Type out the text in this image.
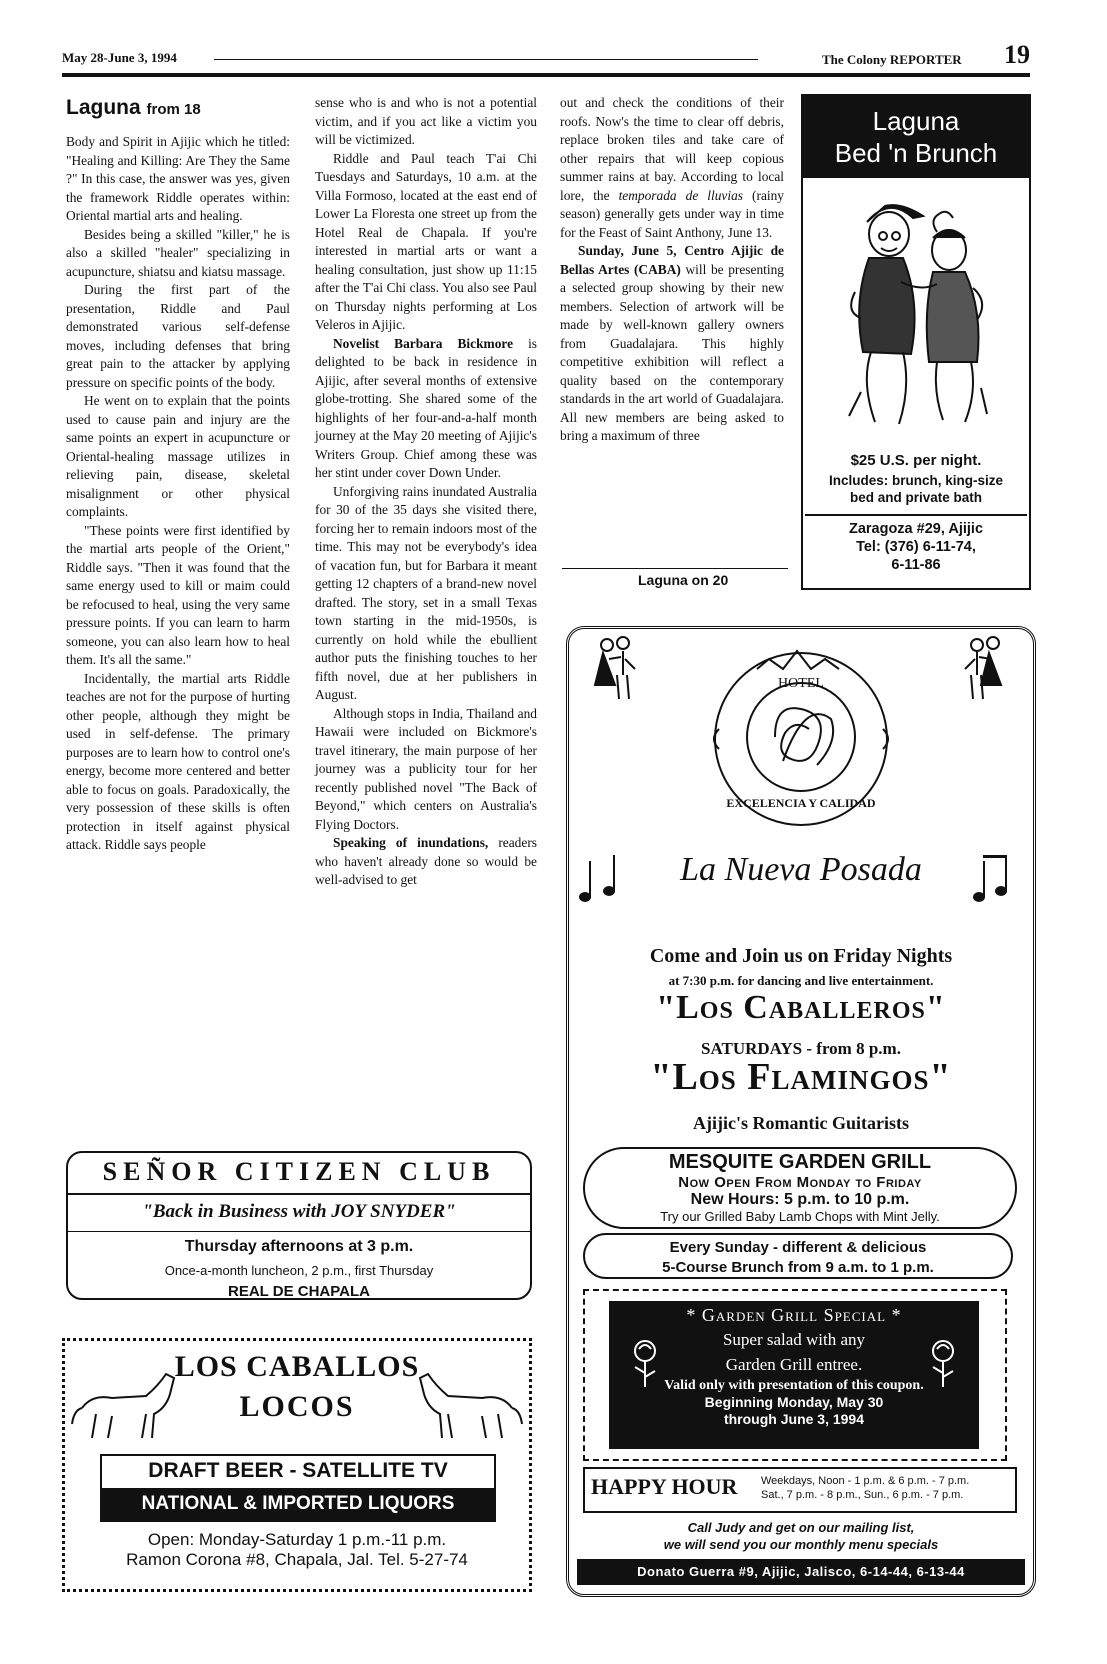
May 28-June 3, 1994	The Colony REPORTER 19
Laguna from 18

Body and Spirit in Ajijic which he titled: "Healing and Killing: Are They the Same ?" In this case, the answer was yes, given the framework Riddle operates within: Oriental martial arts and healing.

Besides being a skilled "killer," he is also a skilled "healer" specializing in acupuncture, shiatsu and kiatsu massage.

During the first part of the presentation, Riddle and Paul demonstrated various self-defense moves, including defenses that bring great pain to the attacker by applying pressure on specific points of the body.

He went on to explain that the points used to cause pain and injury are the same points an expert in acupuncture or Oriental-healing massage utilizes in relieving pain, disease, skeletal misalignment or other physical complaints.

"These points were first identified by the martial arts people of the Orient," Riddle says. "Then it was found that the same energy used to kill or maim could be refocused to heal, using the very same pressure points. If you can learn to harm someone, you can also learn how to heal them. It's all the same."

Incidentally, the martial arts Riddle teaches are not for the purpose of hurting other people, although they might be used in self-defense. The primary purposes are to learn how to control one's energy, become more centered and better able to focus on goals. Paradoxically, the very possession of these skills is often protection in itself against physical attack. Riddle says people

sense who is and who is not a potential victim, and if you act like a victim you will be victimized.

Riddle and Paul teach T'ai Chi Tuesdays and Saturdays, 10 a.m. at the Villa Formoso, located at the east end of Lower La Floresta one street up from the Hotel Real de Chapala. If you're interested in martial arts or want a healing consultation, just show up 11:15 after the T'ai Chi class. You also see Paul on Thursday nights performing at Los Veleros in Ajijic.

Novelist Barbara Bickmore is delighted to be back in residence in Ajijic, after several months of extensive globe-trotting. She shared some of the highlights of her four-and-a-half month journey at the May 20 meeting of Ajijic's Writers Group. Chief among these was her stint under cover Down Under.

Unforgiving rains inundated Australia for 30 of the 35 days she visited there, forcing her to remain indoors most of the time. This may not be everybody's idea of vacation fun, but for Barbara it meant getting 12 chapters of a brand-new novel drafted. The story, set in a small Texas town starting in the mid-1950s, is currently on hold while the ebullient author puts the finishing touches to her fifth novel, due at her publishers in August.

Although stops in India, Thailand and Hawaii were included on Bickmore's travel itinerary, the main purpose of her journey was a publicity tour for her recently published novel "The Back of Beyond," which centers on Australia's Flying Doctors.

Speaking of inundations, readers who haven't already done so would be well-advised to get

out and check the conditions of their roofs. Now's the time to clear off debris, replace broken tiles and take care of other repairs that will keep copious summer rains at bay. According to local lore, the temporada de lluvias (rainy season) generally gets under way in time for the Feast of Saint Anthony, June 13.

Sunday, June 5, Centro Ajijic de Bellas Artes (CABA) will be presenting a selected group showing by their new members. Selection of artwork will be made by well-known gallery owners from Guadalajara. This highly competitive exhibition will reflect a quality based on the contemporary standards in the art world of Guadalajara. All new members are being asked to bring a maximum of three

Laguna on 20
Laguna
Bed 'n Brunch
$25 U.S. per night.
Includes: brunch, king-size
bed and private bath
Zaragoza #29, Ajijic
Tel: (376) 6-11-74,
6-11-86
HOTEL
EXCELENCIA Y CALIDAD
La Nueva Posada
Come and Join us on Friday Nights
at 7:30 p.m. for dancing and live entertainment.
"Los Caballeros"
SATURDAYS - from 8 p.m.
"Los Flamingos"
Ajijic's Romantic Guitarists
MESQUITE GARDEN GRILL
Now Open From Monday to Friday
New Hours: 5 p.m. to 10 p.m.
Try our Grilled Baby Lamb Chops with Mint Jelly.
Every Sunday - different & delicious
5-Course Brunch from 9 a.m. to 1 p.m.
* Garden Grill Special *
Super salad with any
Garden Grill entree.
Valid only with presentation of this coupon.
Beginning Monday, May 30
through June 3, 1994
HAPPY HOUR Weekdays, Noon - 1 p.m. & 6 p.m. - 7 p.m.
Sat., 7 p.m. - 8 p.m., Sun., 6 p.m. - 7 p.m.
Call Judy and get on our mailing list,
we will send you our monthly menu specials
Donato Guerra #9, Ajijic, Jalisco, 6-14-44, 6-13-44
SEÑOR CITIZEN CLUB
"Back in Business with JOY SNYDER"
Thursday afternoons at 3 p.m.
Once-a-month luncheon, 2 p.m., first Thursday
REAL DE CHAPALA
LOS CABALLOS
LOCOS
DRAFT BEER - SATELLITE TV
NATIONAL & IMPORTED LIQUORS
Open: Monday-Saturday 1 p.m.-11 p.m.
Ramon Corona #8, Chapala, Jal. Tel. 5-27-74
